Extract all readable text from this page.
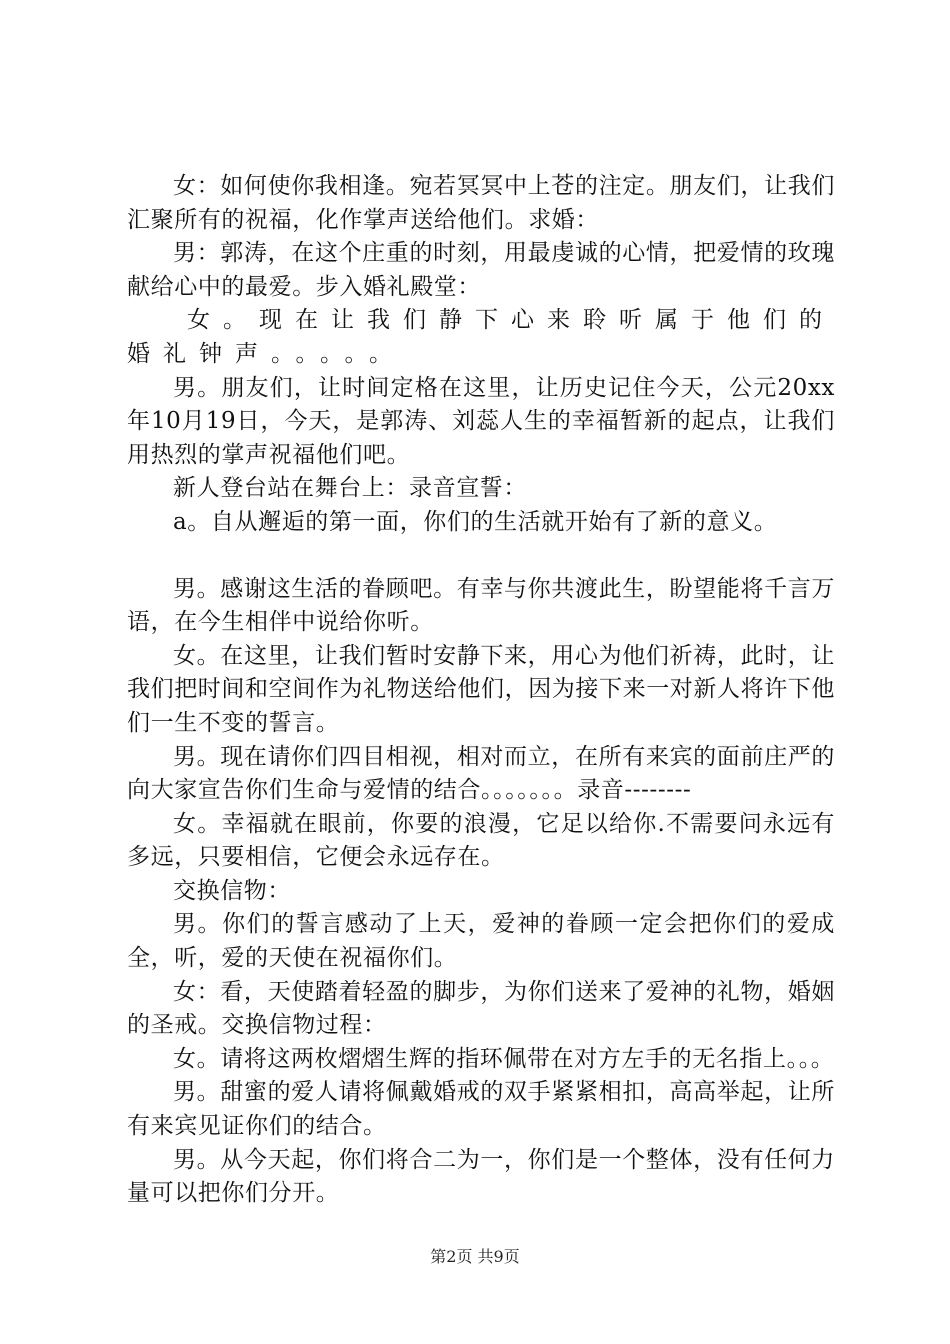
女：如何使你我相逢。宛若冥冥中上苍的注定。朋友们，让我们汇聚所有的祝福，化作掌声送给他们。求婚：

男：郭涛，在这个庄重的时刻，用最虔诚的心情，把爱情的玫瑰献给心中的最爱。步入婚礼殿堂：

女。现在让我们静下心来聆听属于他们的婚礼钟声。。。。。

男。朋友们，让时间定格在这里，让历史记住今天，公元20xx年10月19日，今天，是郭涛、刘蕊人生的幸福暂新的起点，让我们用热烈的掌声祝福他们吧。

新人登台站在舞台上：录音宣誓：

a。自从邂逅的第一面，你们的生活就开始有了新的意义。

男。感谢这生活的眷顾吧。有幸与你共渡此生，盼望能将千言万语，在今生相伴中说给你听。

女。在这里，让我们暂时安静下来，用心为他们祈祷，此时，让我们把时间和空间作为礼物送给他们，因为接下来一对新人将许下他们一生不变的誓言。

男。现在请你们四目相视，相对而立，在所有来宾的面前庄严的向大家宣告你们生命与爱情的结合。。。。。。。录音--------

女。幸福就在眼前，你要的浪漫，它足以给你.不需要问永远有多远，只要相信，它便会永远存在。

交换信物：

男。你们的誓言感动了上天，爱神的眷顾一定会把你们的爱成全，听，爱的天使在祝福你们。

女：看，天使踏着轻盈的脚步，为你们送来了爱神的礼物，婚姻的圣戒。交换信物过程：

女。请将这两枚熠熠生辉的指环佩带在对方左手的无名指上。。。

男。甜蜜的爱人请将佩戴婚戒的双手紧紧相扣，高高举起，让所有来宾见证你们的结合。

男。从今天起，你们将合二为一，你们是一个整体，没有任何力量可以把你们分开。

第2页 共9页
